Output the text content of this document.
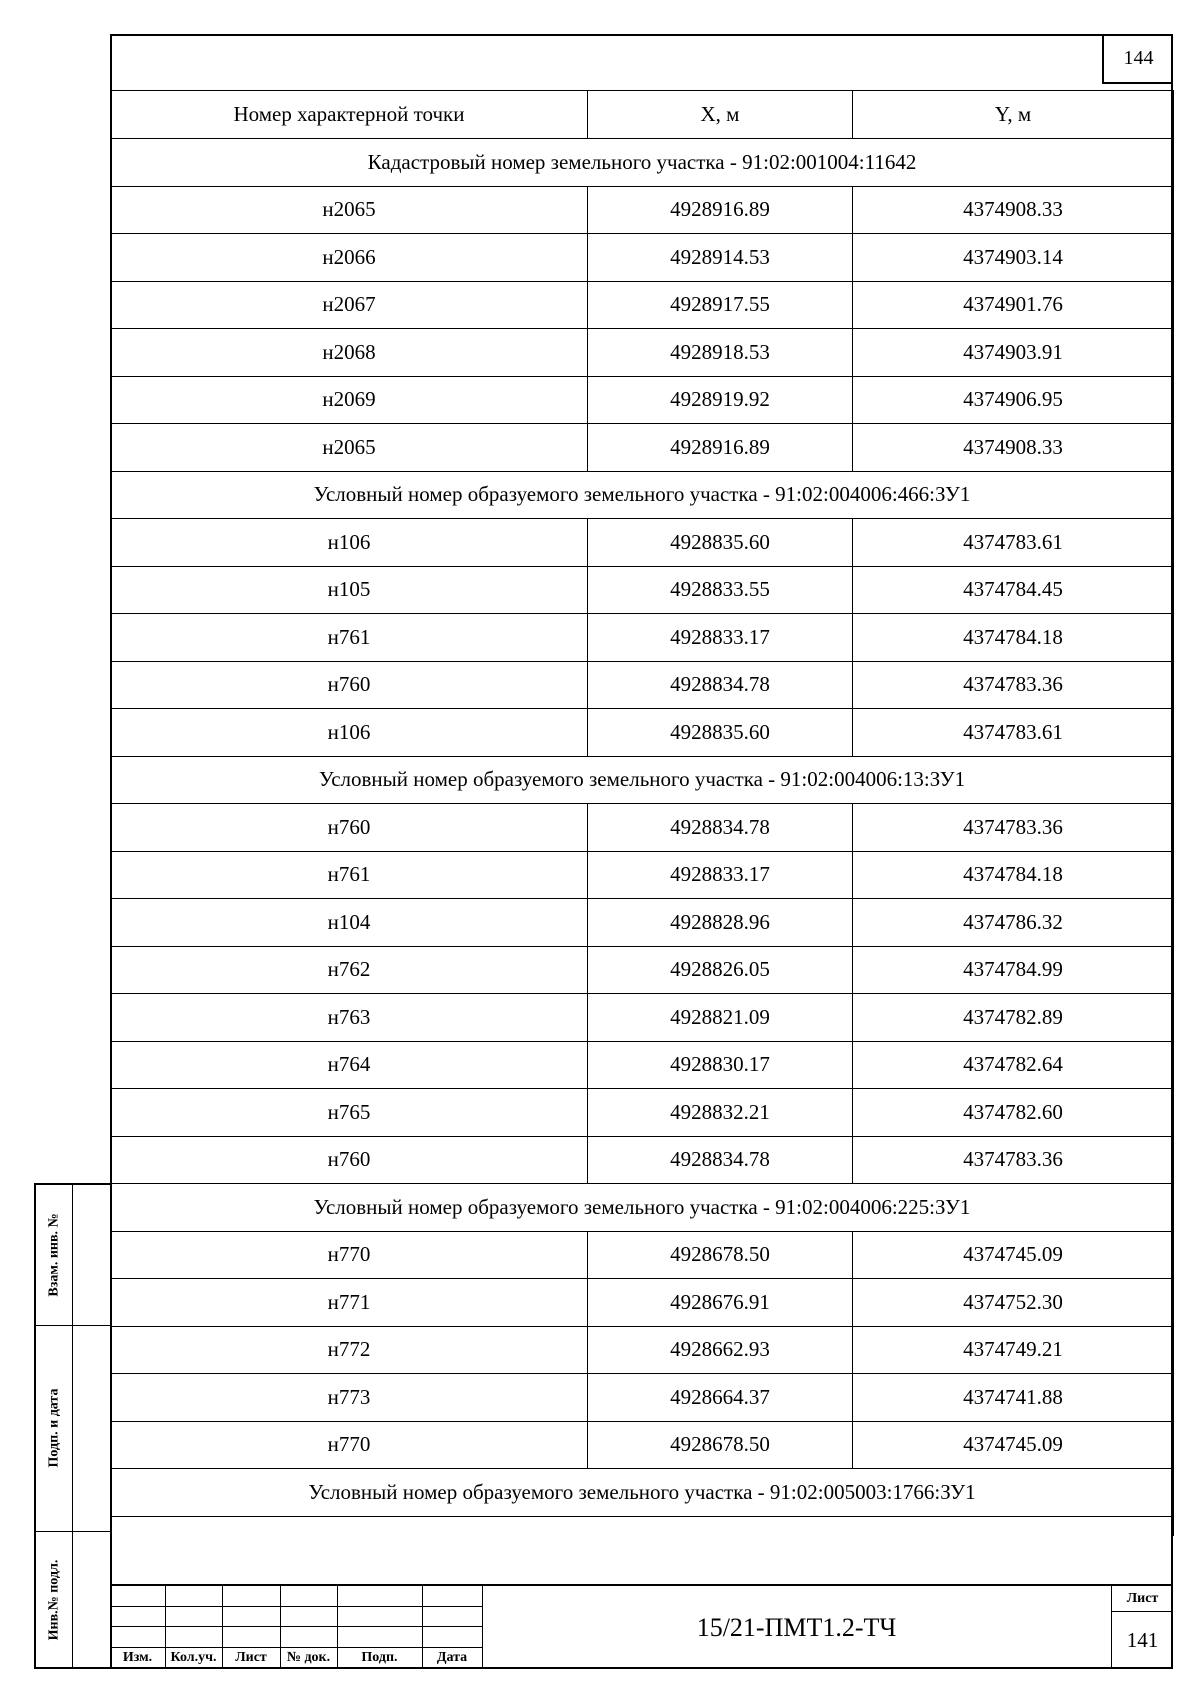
144
Номер характерной точки	X, м	Y, м
Кадастровый номер земельного участка - 91:02:001004:11642		
н2065	4928916.89	4374908.33
н2066	4928914.53	4374903.14
н2067	4928917.55	4374901.76
н2068	4928918.53	4374903.91
н2069	4928919.92	4374906.95
н2065	4928916.89	4374908.33
Условный номер образуемого земельного участка - 91:02:004006:466:ЗУ1		
н106	4928835.60	4374783.61
н105	4928833.55	4374784.45
н761	4928833.17	4374784.18
н760	4928834.78	4374783.36
н106	4928835.60	4374783.61
Условный номер образуемого земельного участка - 91:02:004006:13:ЗУ1		
н760	4928834.78	4374783.36
н761	4928833.17	4374784.18
н104	4928828.96	4374786.32
н762	4928826.05	4374784.99
н763	4928821.09	4374782.89
н764	4928830.17	4374782.64
н765	4928832.21	4374782.60
н760	4928834.78	4374783.36
Условный номер образуемого земельного участка - 91:02:004006:225:ЗУ1		
н770	4928678.50	4374745.09
н771	4928676.91	4374752.30
н772	4928662.93	4374749.21
н773	4928664.37	4374741.88
н770	4928678.50	4374745.09
Условный номер образуемого земельного участка - 91:02:005003:1766:ЗУ1		

Взам. инв. №
Подп. и дата
Инв.№ подл.
Изм.	Кол.уч.	Лист	№ док.	Подп.	Дата
15/21-ПМТ1.2-ТЧ
Лист
141
